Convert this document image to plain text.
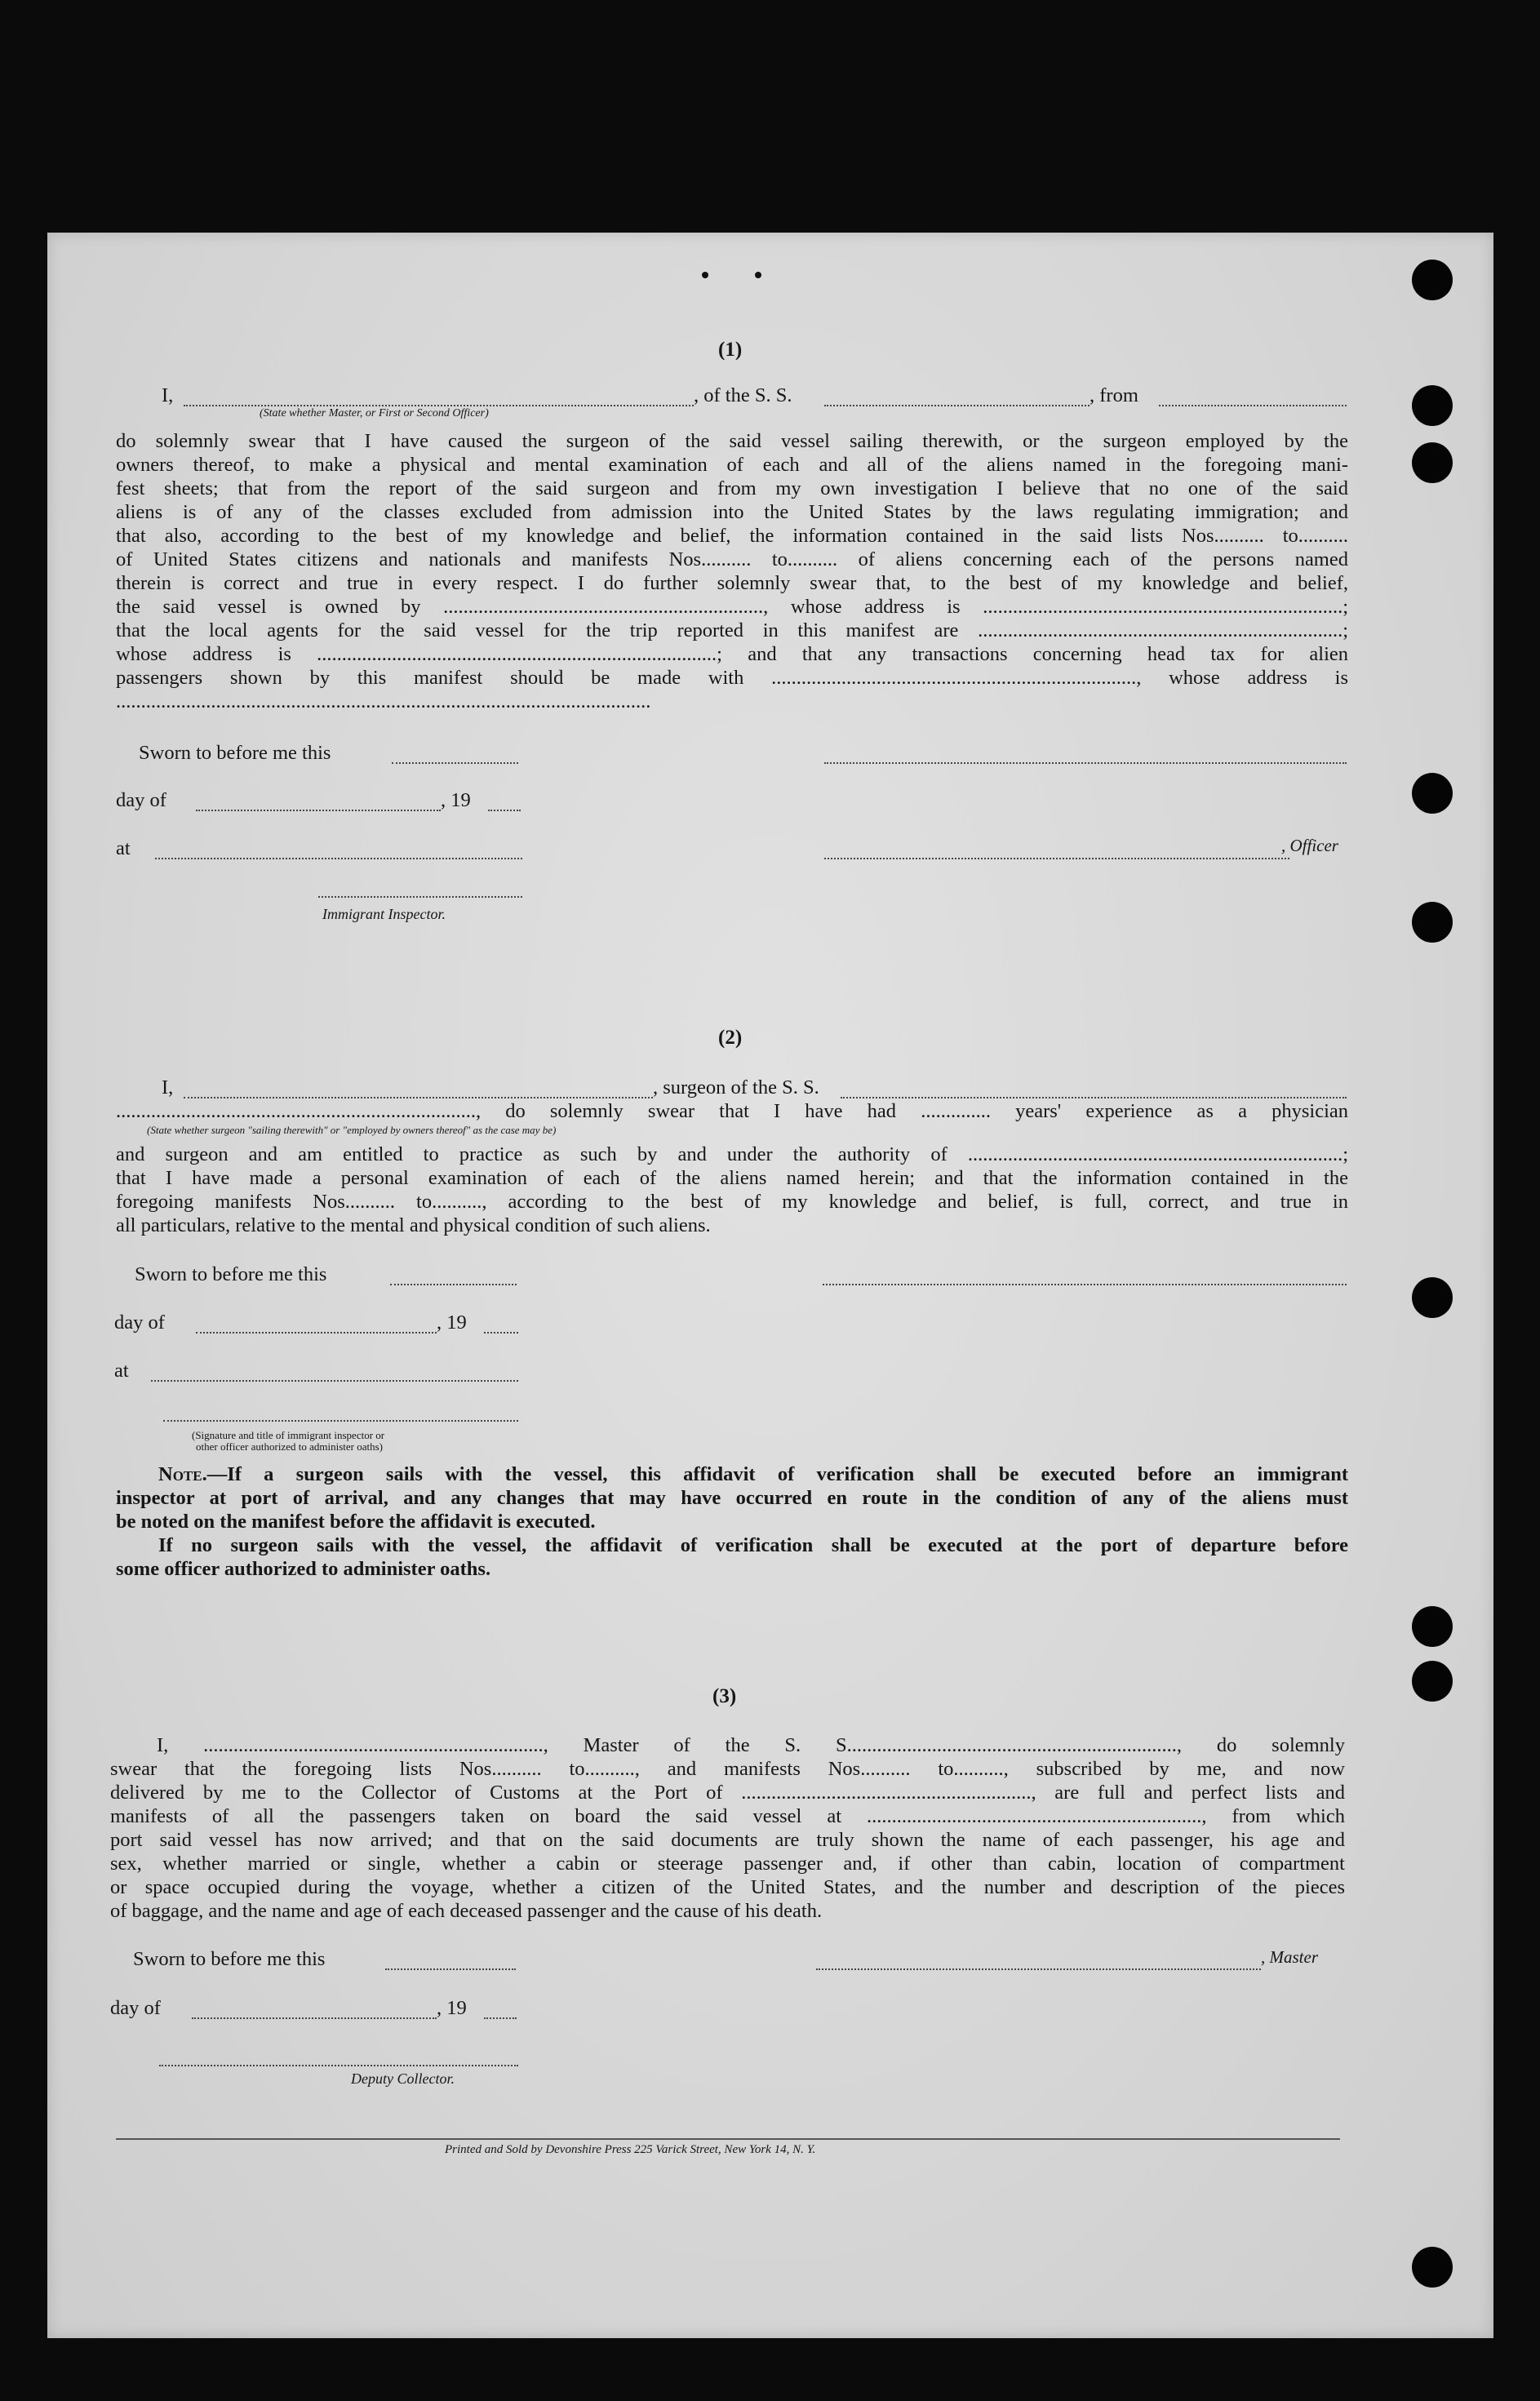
(1)
I,
(State whether Master, or First or Second Officer)
, of the S. S.	, from
do solemnly swear that I have caused the surgeon of the said vessel sailing therewith, or the surgeon employed by the
owners thereof, to make a physical and mental examination of each and all of the aliens named in the foregoing mani-
fest sheets; that from the report of the said surgeon and from my own investigation I believe that no one of the said
aliens is of any of the classes excluded from admission into the United States by the laws regulating immigration; and
that also, according to the best of my knowledge and belief, the information contained in the said lists Nos.......... to..........
of United States citizens and nationals and manifests Nos.......... to.......... of aliens concerning each of the persons named
therein is correct and true in every respect. I do further solemnly swear that, to the best of my knowledge and belief,
the said vessel is owned by ................................................................, whose address is ........................................................................;
that the local agents for the said vessel for the trip reported in this manifest are .........................................................................;
whose address is ................................................................................; and that any transactions concerning head tax for alien
passengers shown by this manifest should be made with ........................................................................., whose address is
...........................................................................................................
Sworn to before me this
day of	, 19
at	, Officer
Immigrant Inspector.
(2)
I,	, surgeon of the S. S.
........................................................................, do solemnly swear that I have had .............. years' experience as a physician
(State whether surgeon "sailing therewith" or "employed by owners thereof" as the case may be)
and surgeon and am entitled to practice as such by and under the authority of ...........................................................................;
that I have made a personal examination of each of the aliens named herein; and that the information contained in the
foregoing manifests Nos.......... to.........., according to the best of my knowledge and belief, is full, correct, and true in
all particulars, relative to the mental and physical condition of such aliens.
Sworn to before me this
day of	, 19
at
(Signature and title of immigrant inspector or
other officer authorized to administer oaths)
Note.—If a surgeon sails with the vessel, this affidavit of verification shall be executed before an immigrant
inspector at port of arrival, and any changes that may have occurred en route in the condition of any of the aliens must
be noted on the manifest before the affidavit is executed.
If no surgeon sails with the vessel, the affidavit of verification shall be executed at the port of departure before
some officer authorized to administer oaths.
(3)
I, ...................................................................., Master of the S. S.................................................................., do solemnly
swear that the foregoing lists Nos.......... to.........., and manifests Nos.......... to.........., subscribed by me, and now
delivered by me to the Collector of Customs at the Port of .........................................................., are full and perfect lists and
manifests of all the passengers taken on board the said vessel at ..................................................................., from which
port said vessel has now arrived; and that on the said documents are truly shown the name of each passenger, his age and
sex, whether married or single, whether a cabin or steerage passenger and, if other than cabin, location of compartment
or space occupied during the voyage, whether a citizen of the United States, and the number and description of the pieces
of baggage, and the name and age of each deceased passenger and the cause of his death.
Sworn to before me this	, Master
day of	, 19
Deputy Collector.
Printed and Sold by Devonshire Press 225 Varick Street, New York 14, N. Y.
